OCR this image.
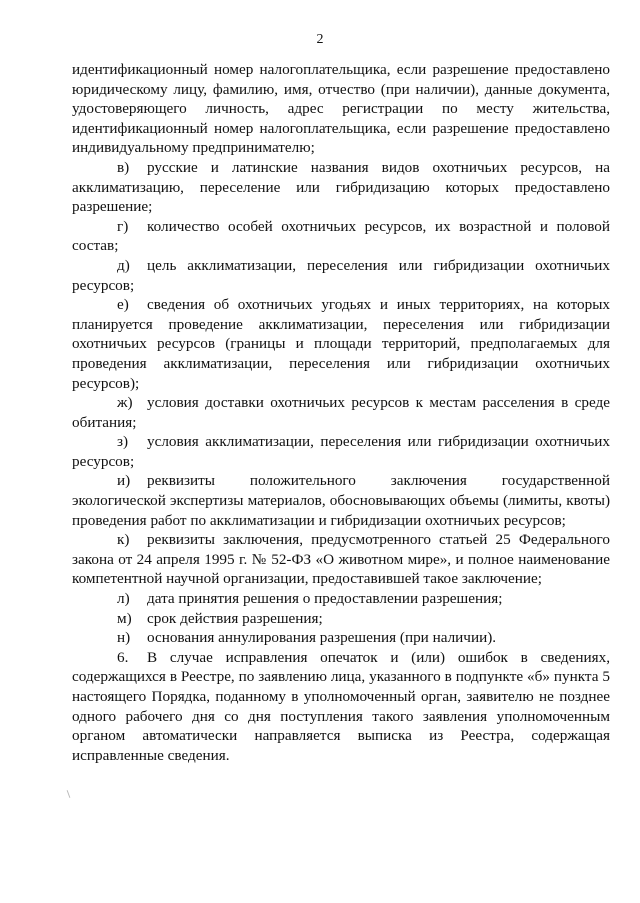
2

идентификационный номер налогоплательщика, если разрешение предоставлено юридическому лицу, фамилию, имя, отчество (при наличии), данные документа, удостоверяющего личность, адрес регистрации по месту жительства, идентификационный номер налогоплательщика, если разрешение предоставлено индивидуальному предпринимателю;

в) русские и латинские названия видов охотничьих ресурсов, на акклиматизацию, переселение или гибридизацию которых предоставлено разрешение;

г) количество особей охотничьих ресурсов, их возрастной и половой состав;

д) цель акклиматизации, переселения или гибридизации охотничьих ресурсов;

е) сведения об охотничьих угодьях и иных территориях, на которых планируется проведение акклиматизации, переселения или гибридизации охотничьих ресурсов (границы и площади территорий, предполагаемых для проведения акклиматизации, переселения или гибридизации охотничьих ресурсов);

ж) условия доставки охотничьих ресурсов к местам расселения в среде обитания;

з) условия акклиматизации, переселения или гибридизации охотничьих ресурсов;

и) реквизиты положительного заключения государственной экологической экспертизы материалов, обосновывающих объемы (лимиты, квоты) проведения работ по акклиматизации и гибридизации охотничьих ресурсов;

к) реквизиты заключения, предусмотренного статьей 25 Федерального закона от 24 апреля 1995 г. № 52-ФЗ «О животном мире», и полное наименование компетентной научной организации, предоставившей такое заключение;

л) дата принятия решения о предоставлении разрешения;

м) срок действия разрешения;

н) основания аннулирования разрешения (при наличии).

6. В случае исправления опечаток и (или) ошибок в сведениях, содержащихся в Реестре, по заявлению лица, указанного в подпункте «б» пункта 5 настоящего Порядка, поданному в уполномоченный орган, заявителю не позднее одного рабочего дня со дня поступления такого заявления уполномоченным органом автоматически направляется выписка из Реестра, содержащая исправленные сведения.
